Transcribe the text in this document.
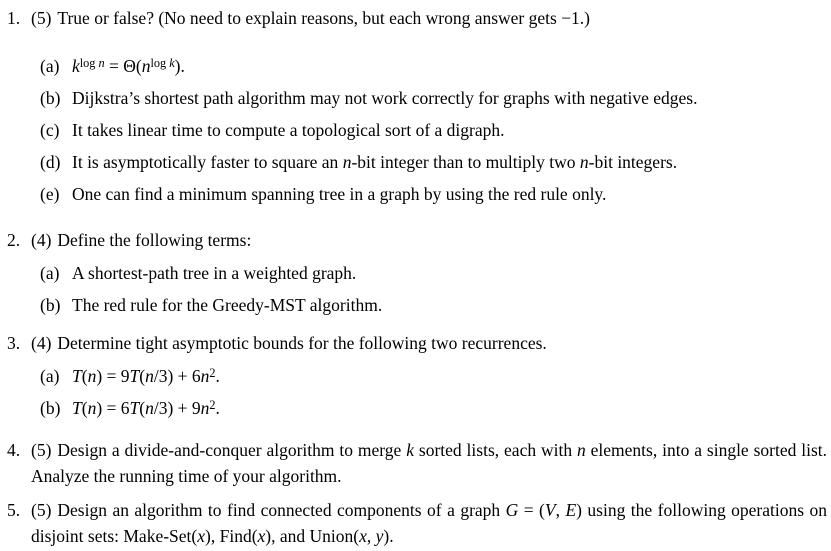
1. (5) True or false? (No need to explain reasons, but each wrong answer gets −1.)

(a) $k^{log}$ $^n = \Theta(n^{log}$ $^k$).
(b) Dijkstra’s shortest path algorithm may not work correctly for graphs with negative edges.
(c) It takes linear time to compute a topological sort of a digraph.
(d) It is asymptotically faster to square an n-bit integer than to multiply two n-bit integers.
(e) One can find a minimum spanning tree in a graph by using the red rule only.
2. (4) Define the following terms:

(a) A shortest-path tree in a weighted graph.
(b) The red rule for the Greedy-MST algorithm.
3. (4) Determine tight asymptotic bounds for the following two recurrences.

(a) $T(n) = 9T(n/3) + 6n^2$.
(b) $T(n) = 6T(n/3) + 9n^2$.
4. (5) Design a divide-and-conquer algorithm to merge k sorted lists, each with n elements, into a single sorted list. Analyze the running time of your algorithm.

5. (5) Design an algorithm to find connected components of a graph G = (V, E) using the following operations on disjoint sets: Make-Set(x), Find(x), and Union(x, y).
